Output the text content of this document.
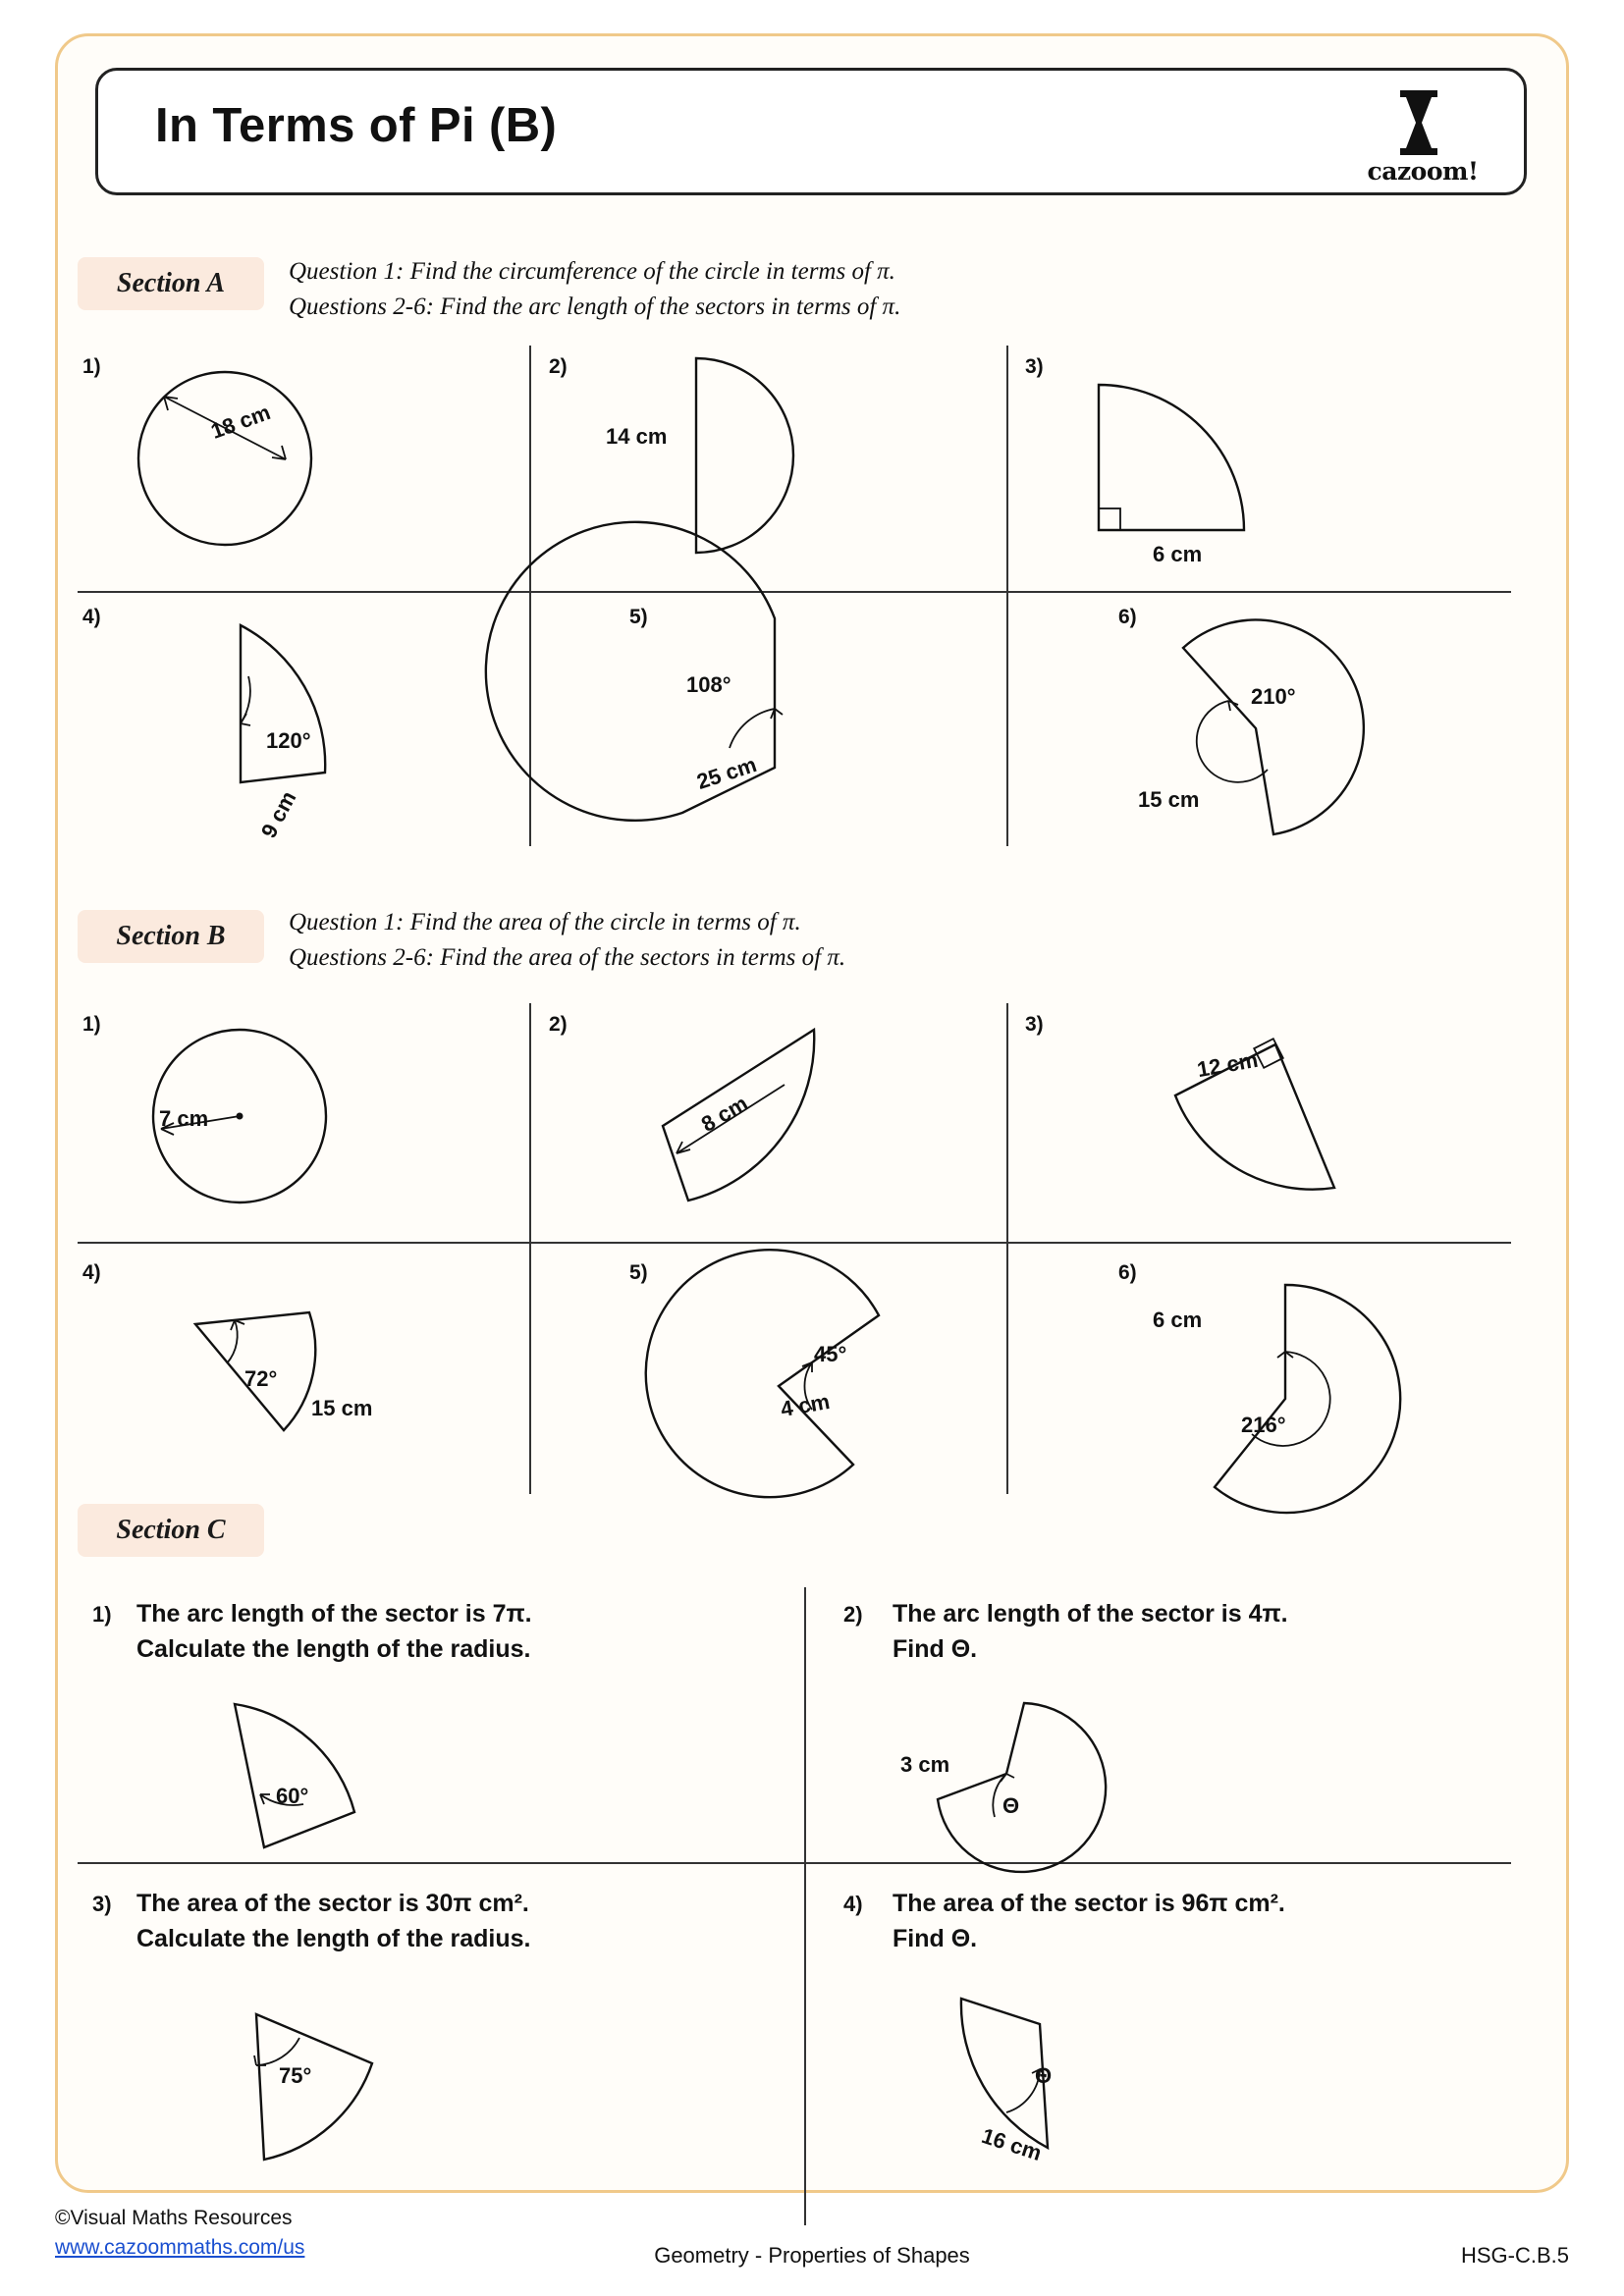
In Terms of Pi (B)
cazoom!
Section A	Question 1: Find the circumference of the circle in terms of π.
Questions 2-6: Find the arc length of the sectors in terms of π.
1)
18 cm
2)
14 cm
3)
6 cm
4)
120°
9 cm
5)
108°
25 cm
6)
210°
15 cm
Section B	Question 1: Find the area of the circle in terms of π.
Questions 2-6: Find the area of the sectors in terms of π.
1)
7 cm
2)
8 cm
3)
12 cm
4)
72°
15 cm
5)
45°
4 cm
6)
6 cm
216°
Section C
1) The arc length of the sector is 7π.
Calculate the length of the radius.
60°
2) The arc length of the sector is 4π.
Find Θ.
3 cm
Θ
3) The area of the sector is 30π cm².
Calculate the length of the radius.
75°
4) The area of the sector is 96π cm².
Find Θ.
Θ
16 cm
©Visual Maths Resources
www.cazoommaths.com/us	Geometry - Properties of Shapes	HSG-C.B.5
